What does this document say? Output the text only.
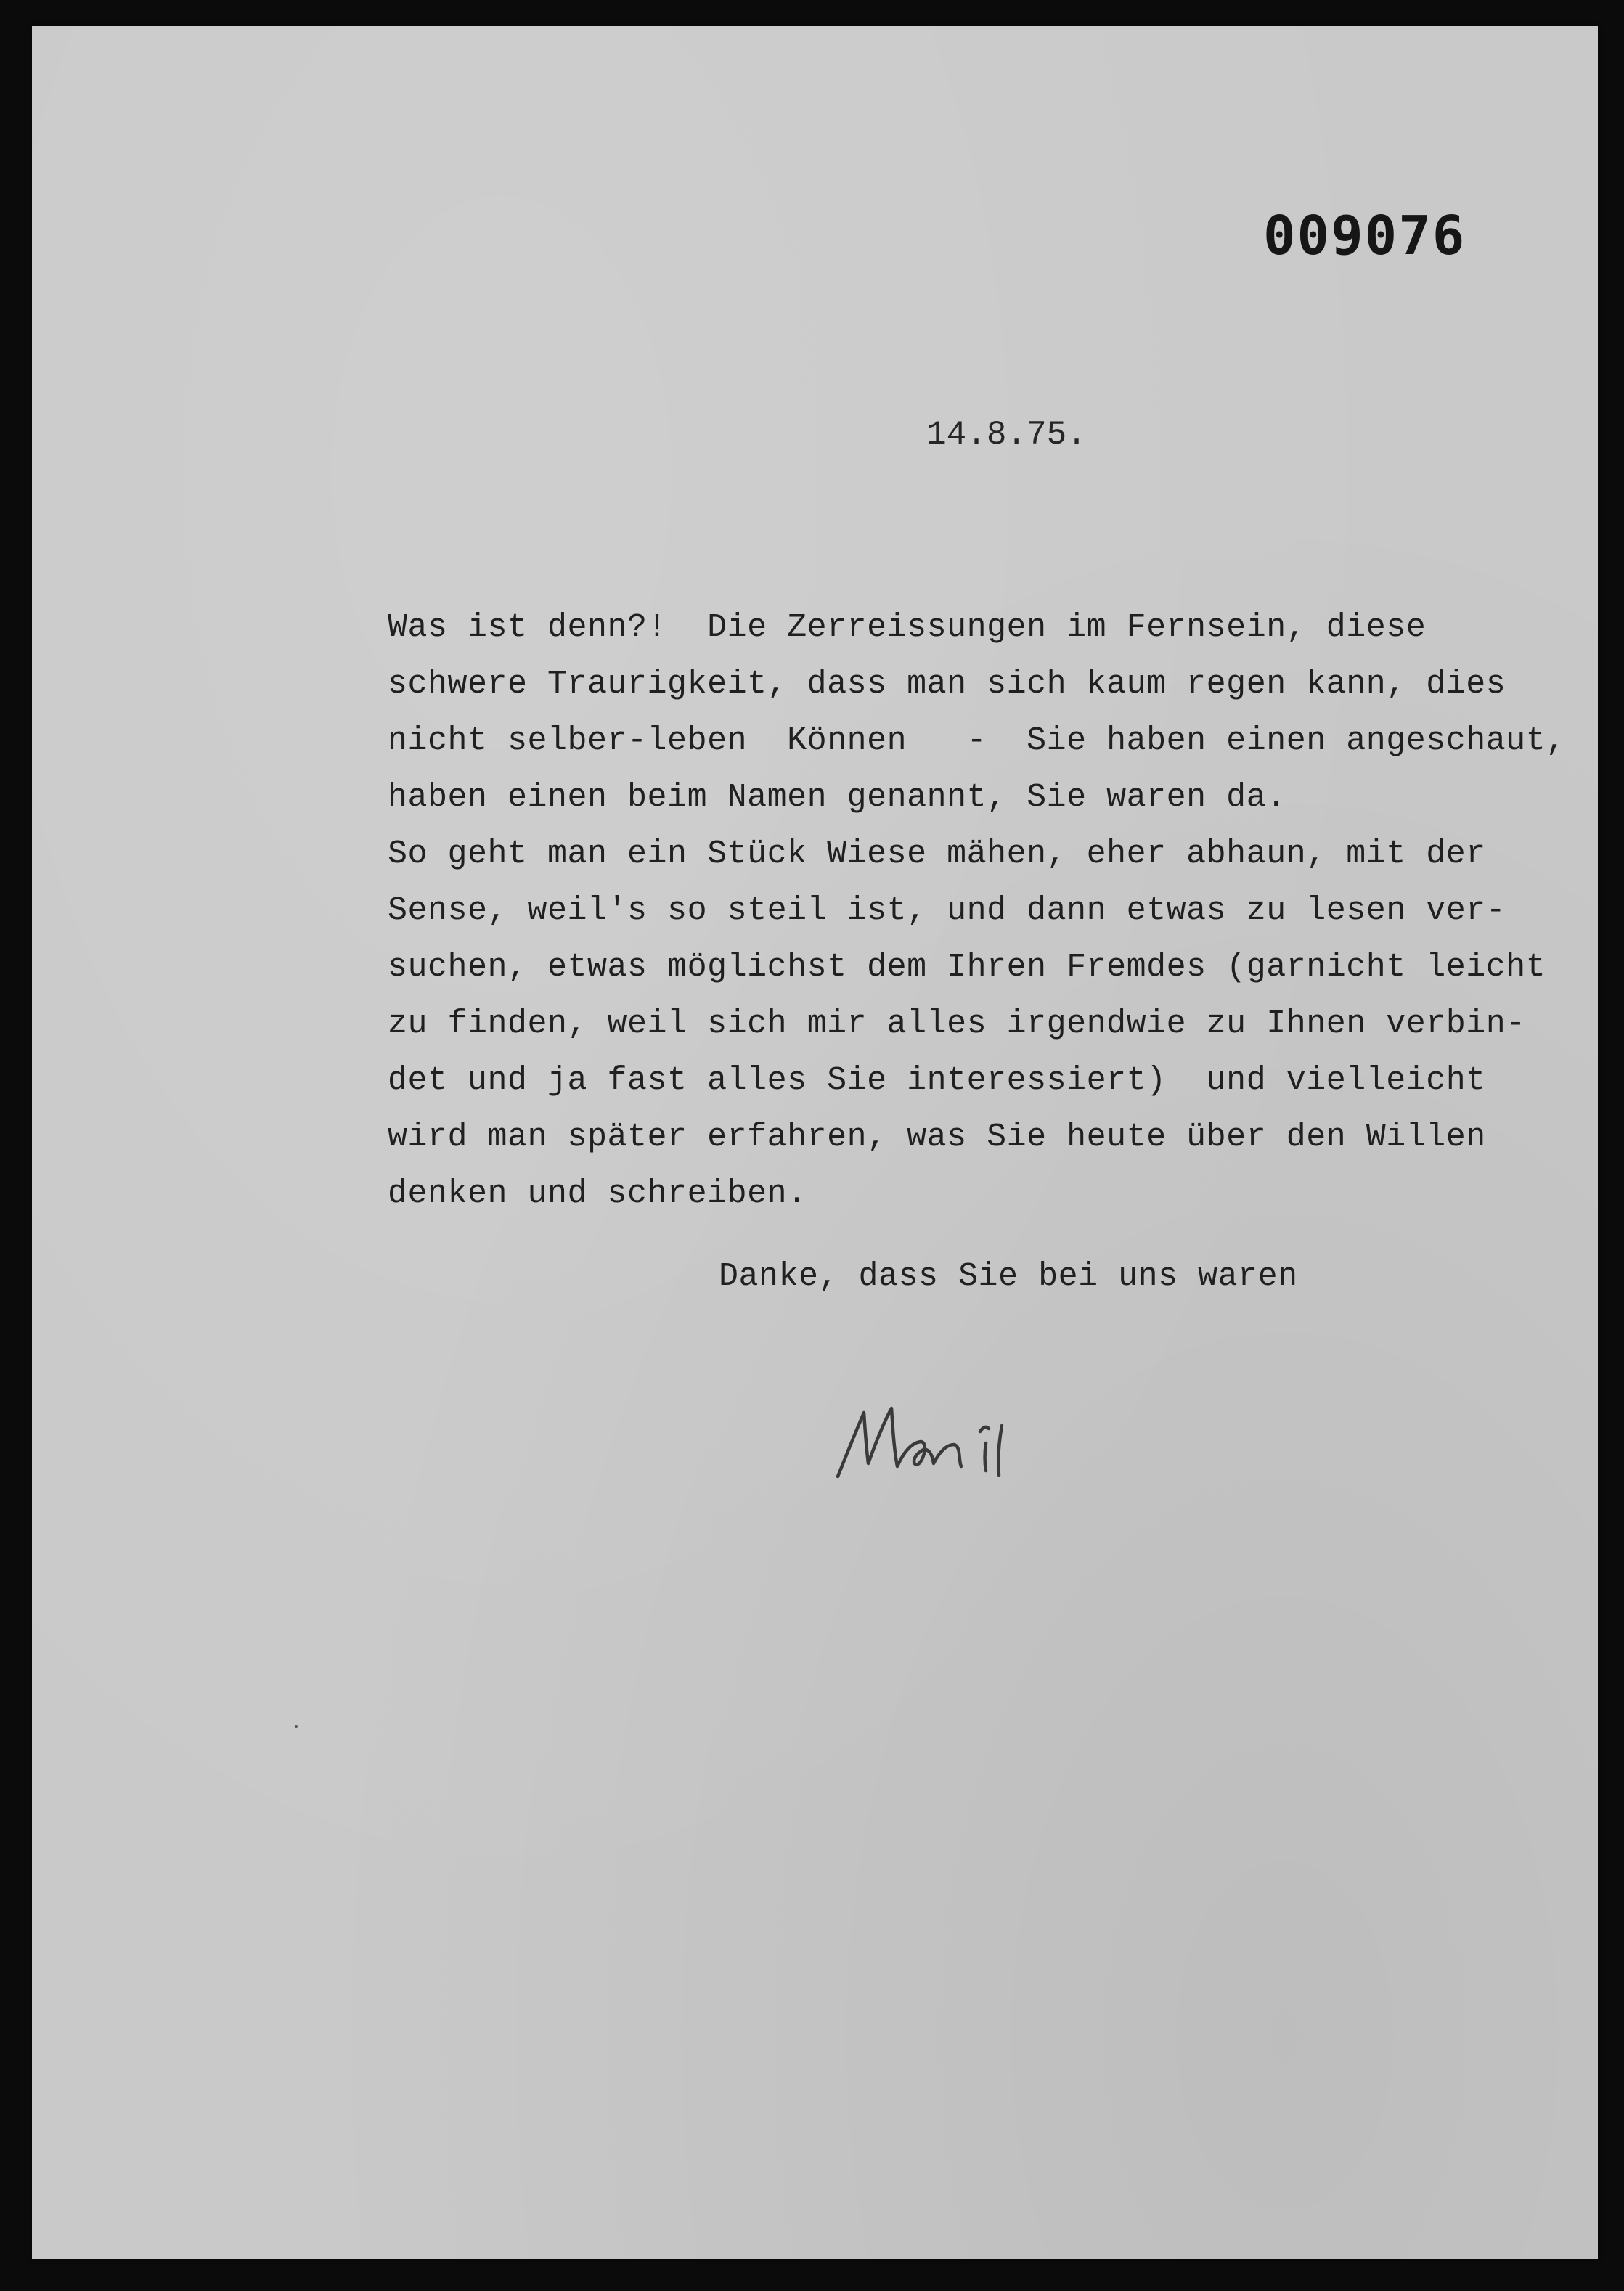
009076
14.8.75.
Was ist denn?!  Die Zerreissungen im Fernsein, diese
schwere Traurigkeit, dass man sich kaum regen kann, dies
nicht selber-leben  Können   -  Sie haben einen angeschaut,
haben einen beim Namen genannt, Sie waren da.
So geht man ein Stück Wiese mähen, eher abhaun, mit der
Sense, weil's so steil ist, und dann etwas zu lesen ver-
suchen, etwas möglichst dem Ihren Fremdes (garnicht leicht
zu finden, weil sich mir alles irgendwie zu Ihnen verbin-
det und ja fast alles Sie interessiert)  und vielleicht
wird man später erfahren, was Sie heute über den Willen
denken und schreiben.
Danke, dass Sie bei uns waren
